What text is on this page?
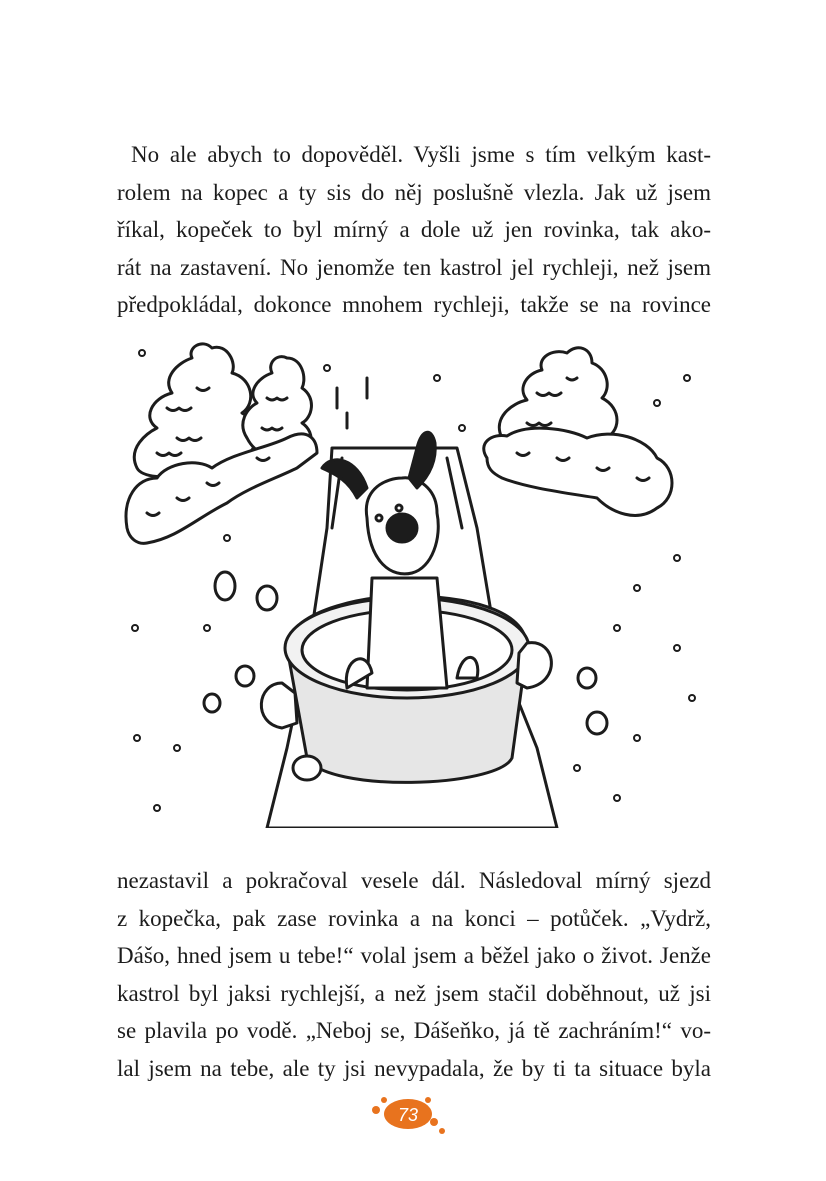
No ale abych to dopověděl. Vyšli jsme s tím velkým kast-
rolem na kopec a ty sis do něj poslušně vlezla. Jak už jsem
říkal, kopeček to byl mírný a dole už jen rovinka, tak ako-
rát na zastavení. No jenomže ten kastrol jel rychleji, než jsem
předpokládal, dokonce mnohem rychleji, takže se na rovince
nezastavil a pokračoval vesele dál. Následoval mírný sjezd
z kopečka, pak zase rovinka a na konci – potůček. „Vydrž,
Dášo, hned jsem u tebe!“ volal jsem a běžel jako o život. Jenže
kastrol byl jaksi rychlejší, a než jsem stačil doběhnout, už jsi
se plavila po vodě. „Neboj se, Dášeňko, já tě zachráním!“ vo-
lal jsem na tebe, ale ty jsi nevypadala, že by ti ta situace byla
73
